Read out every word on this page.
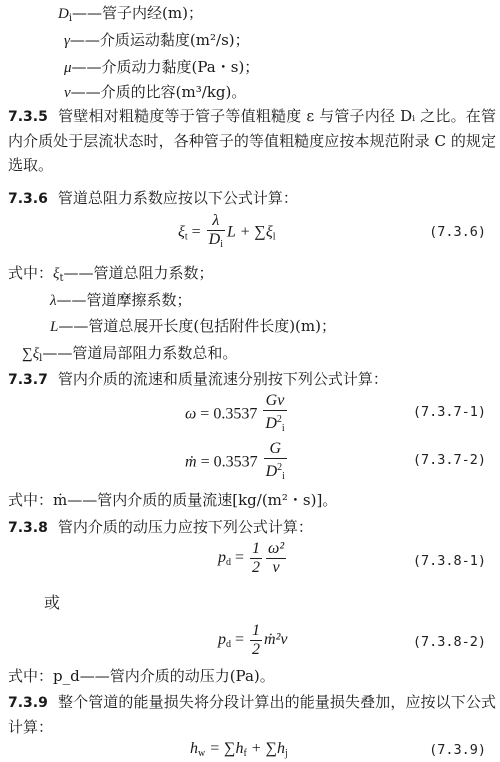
$D_i——$管子内经(m)；
γ——介质运动黏度(m²/s)；
μ——介质动力黏度(Pa・s)；
ν——介质的比容(m³/kg)。
7.3.5 管壁相对粗糙度等于管子等值粗糙度 ε 与管子内径 Dᵢ 之比。在管内介质处于层流状态时，各种管子的等值粗糙度应按本规范附录 C 的规定选取。
7.3.6 管道总阻力系数应按以下公式计算：
$\xi_t = \frac{\lambda}{D_i}$ $L + \sum\xi_l$	(7.3.6)
式中：$\xi_t——$管道总阻力系数；
λ——管道摩擦系数；
L——管道总展开长度(包括附件长度)(m)；
$\sum\xi_l——$管道局部阻力系数总和。
7.3.7 管内介质的流速和质量流速分别按下列公式计算：
$\omega = 0.3537 \frac{G\nu}{D^2_i}$	(7.3.7-1)
ṁ = $0.3537 \frac{G}{D^2_i}$	(7.3.7-2)
式中：ṁ——管内介质的质量流速[kg/(m²・s)]。
7.3.8 管内介质的动压力应按下列公式计算：
$p_d = \frac{1}{2} \frac{\text{ω²}}{\nu}$	(7.3.8-1)
或
$p_d = \frac{1}{2}$ ṁ²ν	(7.3.8-2)
式中：p_d——管内介质的动压力(Pa)。
7.3.9 整个管道的能量损失将分段计算出的能量损失叠加，应按以下公式计算：
$h_w = \sum h_f + \sum h_j$	(7.3.9)
